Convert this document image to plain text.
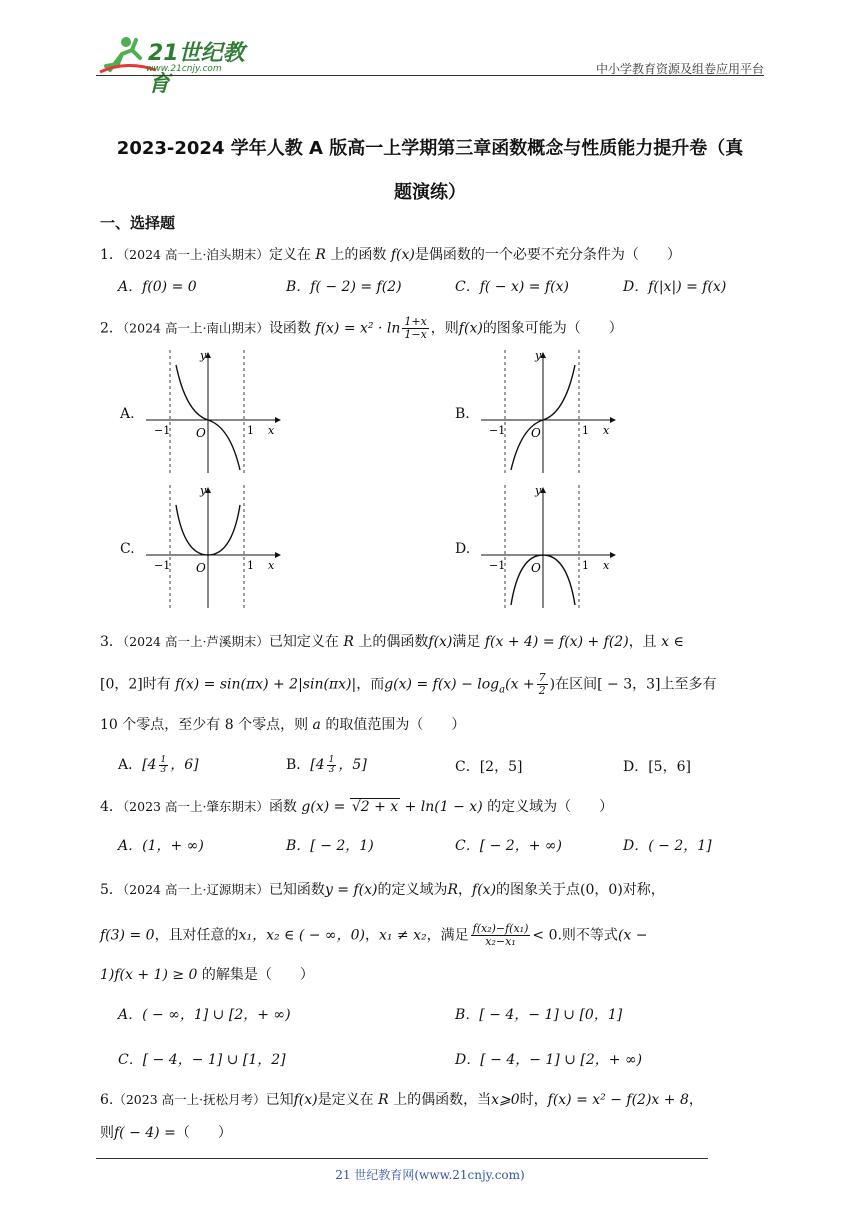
21世纪教育
www.21cnjy.com	中小学教育资源及组卷应用平台
2023-2024 学年人教 A 版高一上学期第三章函数概念与性质能力提升卷（真
题演练）
一、选择题
1．（2024 高一上·洎头期末）定义在 R 上的函数 f(x)是偶函数的一个必要不充分条件为（　　）
A．f(0) = 0	B．f( − 2) = f(2)	C．f( − x) = f(x)	D．f(|x|) = f(x)
2．（2024 高一上·南山期末）设函数 $f(x) = x^2 \cdot \ln \frac{1+x}{1-x}$ ，则f(x)的图象可能为（　　）
A.	B.
C.	D.
y
x
O
−1	1
y
x
O
−1	1
y
x
O
−1	1
y
x
O
−1	1
3．（2024 高一上·芦溪期末）已知定义在 R 上的偶函数f(x)满足 f(x + 4) = f(x) + f(2)，且 x ∈
[0，2]时有 f(x) = sin(πx) + 2|sin(πx)|，而$g(x) = f(x) - \log_a(x + \frac{7}{2}$ )在区间[ − 3，3]上至多有
10 个零点，至少有 8 个零点，则 a 的取值范围为（　　）
A．[$4 \frac{1}{3}$ ，6]	B．[$4 \frac{1}{3}$ ，5]	C．[2，5]	D．[5，6]
4．（2023 高一上·肇东期末）函数 g(x) = √2 + x + ln(1 − x) 的定义域为（　　）
A．(1，+ ∞)	B．[ − 2，1)	C．[ − 2，+ ∞)	D．( − 2，1]
5．（2024 高一上·辽源期末）已知函数y = f(x)的定义域为R，f(x)的图象关于点(0，0)对称，
f(3) = 0，且对任意的x₁，x₂ ∈ ( − ∞，0)，x₁ ≠ x₂，满足 $\frac{\text{f(x₂)−f(x₁)}}{\text{x₂−x₁}} < 0$.则不等式(x −
1)f(x + 1) ≥ 0 的解集是（　　）
A．( − ∞，1] ∪ [2，+ ∞)	B．[ − 4，− 1] ∪ [0，1]
C．[ − 4，− 1] ∪ [1，2]	D．[ − 4，− 1] ∪ [2，+ ∞)
6.（2023 高一上·抚松月考）已知f(x)是定义在 R 上的偶函数，当x⩾0时，f(x) = x² − f(2)x + 8，
则f( − 4) =（　　）
21 世纪教育网(www.21cnjy.com)
